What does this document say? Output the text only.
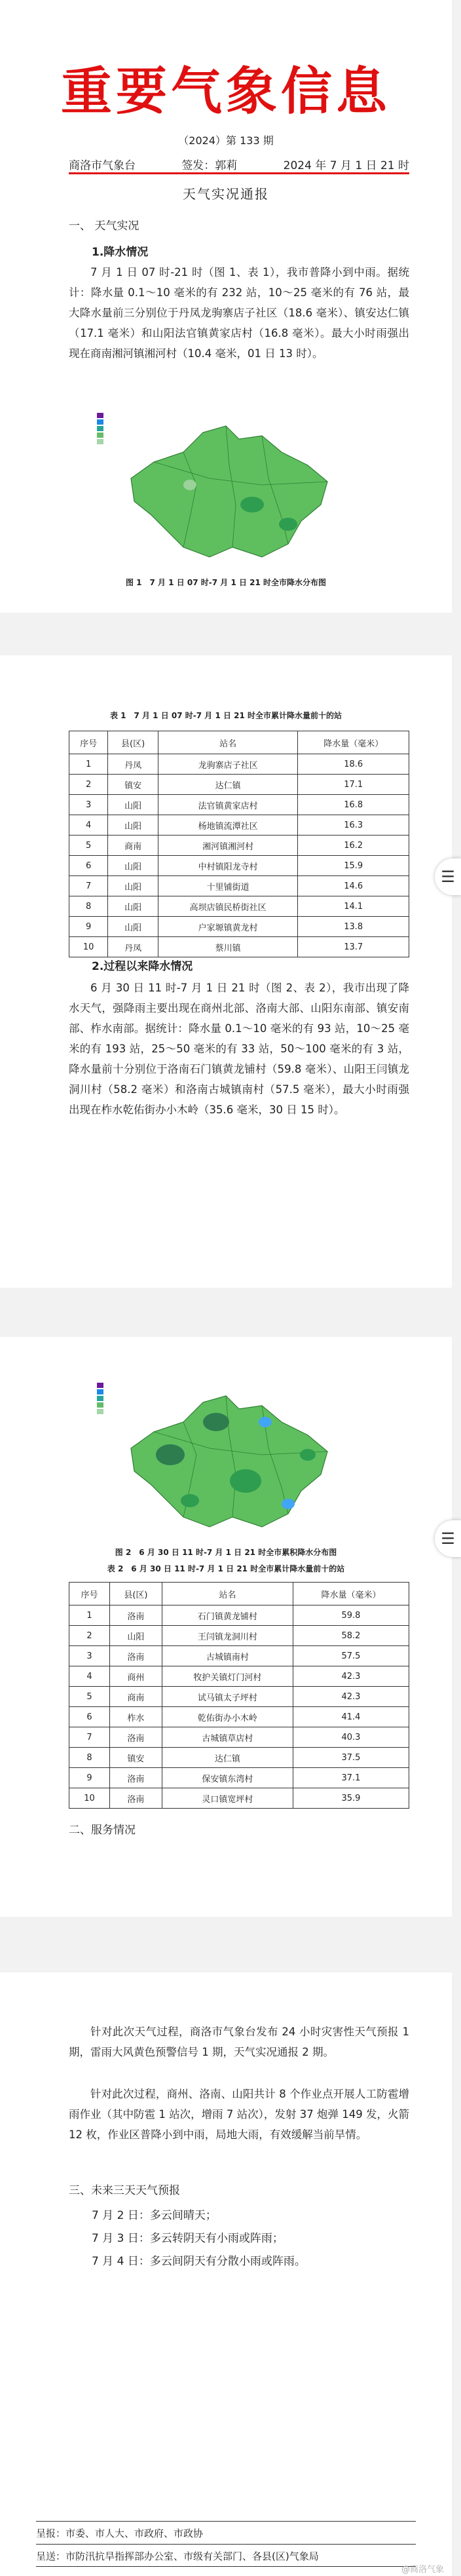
重要气象信息
（2024）第 133 期
商洛市气象台	签发：郭莉	2024 年 7 月 1 日 21 时
天气实况通报
一、 天气实况
1.降水情况

7 月 1 日 07 时-21 时（图 1、表 1），我市普降小到中雨。据统计：降水量 0.1～10 毫米的有 232 站，10～25 毫米的有 76 站，最大降水量前三分别位于丹凤龙驹寨店子社区（18.6 毫米）、镇安达仁镇（17.1 毫米）和山阳法官镇黄家店村（16.8 毫米）。最大小时雨强出现在商南湘河镇湘河村（10.4 毫米，01 日 13 时）。

图 1　7 月 1 日 07 时-7 月 1 日 21 时全市降水分布图
表 1　7 月 1 日 07 时-7 月 1 日 21 时全市累计降水量前十的站
序号	县(区)	站名	降水量（毫米）
1	丹凤	龙驹寨店子社区	18.6
2	镇安	达仁镇	17.1
3	山阳	法官镇黄家店村	16.8
4	山阳	杨地镇流潭社区	16.3
5	商南	湘河镇湘河村	16.2
6	山阳	中村镇阳龙寺村	15.9
7	山阳	十里铺街道	14.6
8	山阳	高坝店镇民桥街社区	14.1
9	山阳	户家塬镇黄龙村	13.8
10	丹凤	蔡川镇	13.7
2.过程以来降水情况

6 月 30 日 11 时-7 月 1 日 21 时（图 2、表 2），我市出现了降水天气，强降雨主要出现在商州北部、洛南大部、山阳东南部、镇安南部、柞水南部。据统计：降水量 0.1～10 毫米的有 93 站，10～25 毫米的有 193 站，25～50 毫米的有 33 站，50～100 毫米的有 3 站，降水量前十分别位于洛南石门镇黄龙铺村（59.8 毫米）、山阳王闫镇龙洞川村（58.2 毫米）和洛南古城镇南村（57.5 毫米），最大小时雨强出现在柞水乾佑街办小木岭（35.6 毫米，30 日 15 时）。

☰
图 2　6 月 30 日 11 时-7 月 1 日 21 时全市累积降水分布图
表 2　6 月 30 日 11 时-7 月 1 日 21 时全市累计降水量前十的站
序号	县(区)	站名	降水量（毫米）
1	洛南	石门镇黄龙铺村	59.8
2	山阳	王闫镇龙洞川村	58.2
3	洛南	古城镇南村	57.5
4	商州	牧护关镇灯门河村	42.3
5	商南	试马镇太子坪村	42.3
6	柞水	乾佑街办小木岭	41.4
7	洛南	古城镇草店村	40.3
8	镇安	达仁镇	37.5
9	洛南	保安镇东湾村	37.1
10	洛南	灵口镇宽坪村	35.9
二、服务情况
☰

针对此次天气过程，商洛市气象台发布 24 小时灾害性天气预报 1 期，雷雨大风黄色预警信号 1 期，天气实况通报 2 期。

针对此次过程，商州、洛南、山阳共计 8 个作业点开展人工防雹增雨作业（其中防雹 1 站次，增雨 7 站次），发射 37 炮弹 149 发，火箭 12 枚，作业区普降小到中雨，局地大雨，有效缓解当前旱情。

三、未来三天天气预报
7 月 2 日：多云间晴天；
7 月 3 日：多云转阴天有小雨或阵雨；
7 月 4 日：多云间阴天有分散小雨或阵雨。
呈报：市委、市人大、市政府、市政协
呈送：市防汛抗旱指挥部办公室、市级有关部门、各县(区)气象局
@商洛气象
